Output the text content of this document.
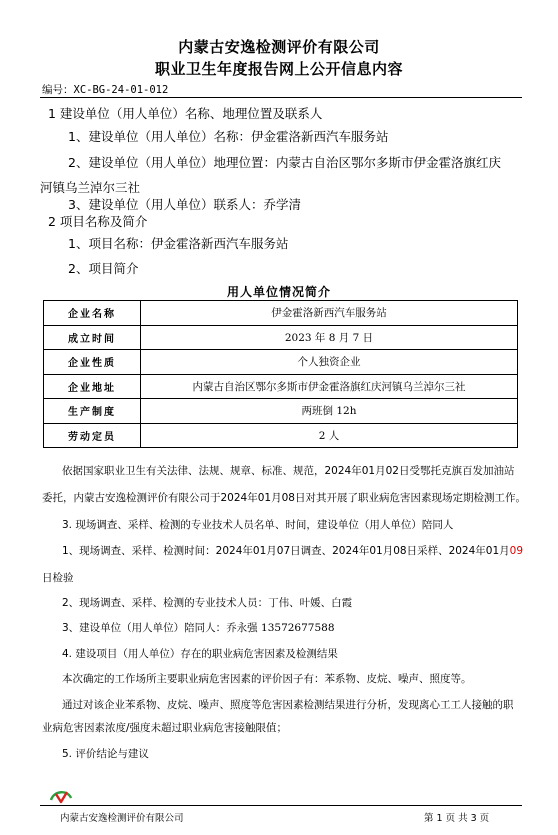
内蒙古安逸检测评价有限公司
职业卫生年度报告网上公开信息内容
编号：XC-BG-24-01-012
1 建设单位（用人单位）名称、地理位置及联系人
1、建设单位（用人单位）名称：伊金霍洛新西汽车服务站
2、建设单位（用人单位）地理位置：内蒙古自治区鄂尔多斯市伊金霍洛旗红庆
河镇乌兰淖尔三社
3、建设单位（用人单位）联系人：乔学清
2 项目名称及简介
1、项目名称：伊金霍洛新西汽车服务站
2、项目简介
用人单位情况简介
企业名称	伊金霍洛新西汽车服务站
成立时间	2023 年 8 月 7 日
企业性质	个人独资企业
企业地址	内蒙古自治区鄂尔多斯市伊金霍洛旗红庆河镇乌兰淖尔三社
生产制度	两班倒 12h
劳动定员	2 人
依据国家职业卫生有关法律、法规、规章、标准、规范，2024年01月02日受鄂托克旗百发加油站
委托，内蒙古安逸检测评价有限公司于2024年01月08日对其开展了职业病危害因素现场定期检测工作。
3. 现场调查、采样、检测的专业技术人员名单、时间，建设单位（用人单位）陪同人
1、现场调查、采样、检测时间：2024年01月07日调查、2024年01月08日采样、2024年01月09
日检验
2、现场调查、采样、检测的专业技术人员：丁伟、叶媛、白霞
3、建设单位（用人单位）陪同人：乔永强 13572677588
4. 建设项目（用人单位）存在的职业病危害因素及检测结果
本次确定的工作场所主要职业病危害因素的评价因子有：苯系物、皮烷、噪声、照度等。
通过对该企业苯系物、皮烷、噪声、照度等危害因素检测结果进行分析，发现离心工工人接触的职
业病危害因素浓度/强度未超过职业病危害接触限值；
5. 评价结论与建议
内蒙古安逸检测评价有限公司	第 1 页 共 3 页
